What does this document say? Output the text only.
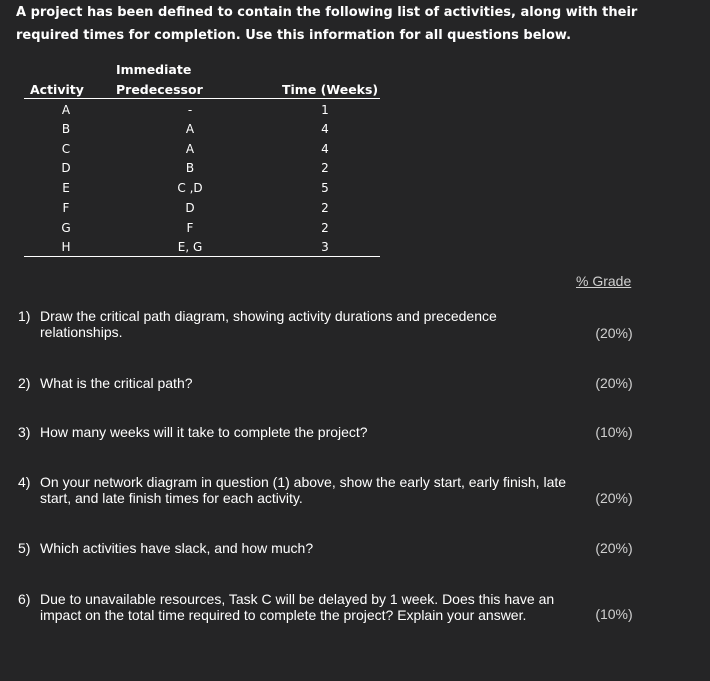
A project has been defined to contain the following list of activities, along with their required times for completion. Use this information for all questions below.

Immediate
Activity	Predecessor	Time (Weeks)
A	-	1
B	A	4
C	A	4
D	B	2
E	C ,D	5
F	D	2
G	F	2
H	E, G	3
% Grade
1) Draw the critical path diagram, showing activity durations and precedence relationships.	(20%)
2) What is the critical path?	(20%)
3) How many weeks will it take to complete the project?	(10%)
4) On your network diagram in question (1) above, show the early start, early finish, late start, and late finish times for each activity.	(20%)
5) Which activities have slack, and how much?	(20%)
6) Due to unavailable resources, Task C will be delayed by 1 week. Does this have an impact on the total time required to complete the project? Explain your answer.	(10%)
